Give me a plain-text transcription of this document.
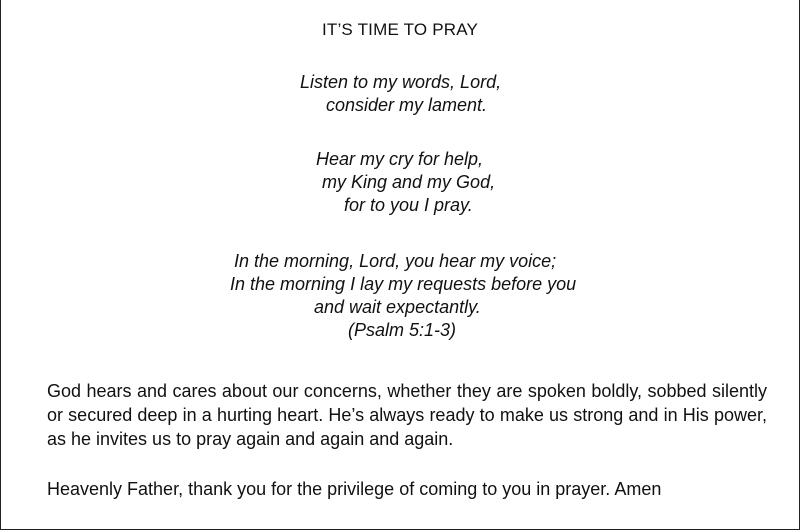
IT’S TIME TO PRAY
Listen to my words, Lord,
consider my lament.
Hear my cry for help,
my King and my God,
for to you I pray.
In the morning, Lord, you hear my voice;
In the morning I lay my requests before you
and wait expectantly.
(Psalm 5:1-3)
God hears and cares about our concerns, whether they are spoken boldly, sobbed silently or secured deep in a hurting heart. He’s always ready to make us strong and in His power, as he invites us to pray again and again and again.
Heavenly Father, thank you for the privilege of coming to you in prayer. Amen
